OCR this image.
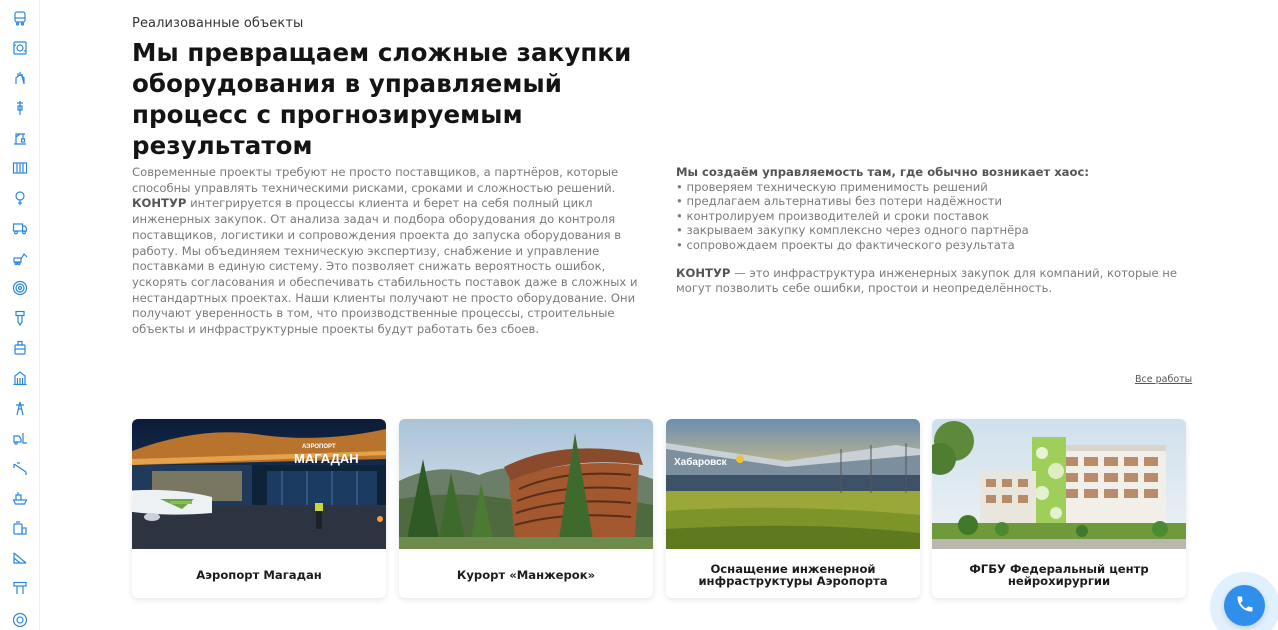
Реализованные объекты
Мы превращаем сложные закупки оборудования в управляемый процесс с прогнозируемым результатом
Современные проекты требуют не просто поставщиков, а партнёров, которые способны управлять техническими рисками, сроками и сложностью решений. КОНТУР интегрируется в процессы клиента и берет на себя полный цикл инженерных закупок. От анализа задач и подбора оборудования до контроля поставщиков, логистики и сопровождения проекта до запуска оборудования в работу. Мы объединяем техническую экспертизу, снабжение и управление поставками в единую систему. Это позволяет снижать вероятность ошибок, ускорять согласования и обеспечивать стабильность поставок даже в сложных и нестандартных проектах. Наши клиенты получают не просто оборудование. Они получают уверенность в том, что производственные процессы, строительные объекты и инфраструктурные проекты будут работать без сбоев.
Мы создаём управляемость там, где обычно возникает хаос:
• проверяем техническую применимость решений
• предлагаем альтернативы без потери надёжности
• контролируем производителей и сроки поставок
• закрываем закупку комплексно через одного партнёра
• сопровождаем проекты до фактического результата
КОНТУР — это инфраструктура инженерных закупок для компаний, которые не могут позволить себе ошибки, простои и неопределённость.
Все работы
АЭРОПОРТ
МАГАДАН
Аэропорт Магадан	Курорт «Манжерок»
Хабаровск
Оснащение инженерной инфраструктуры Аэропорта
ФГБУ Федеральный центр нейрохирургии
